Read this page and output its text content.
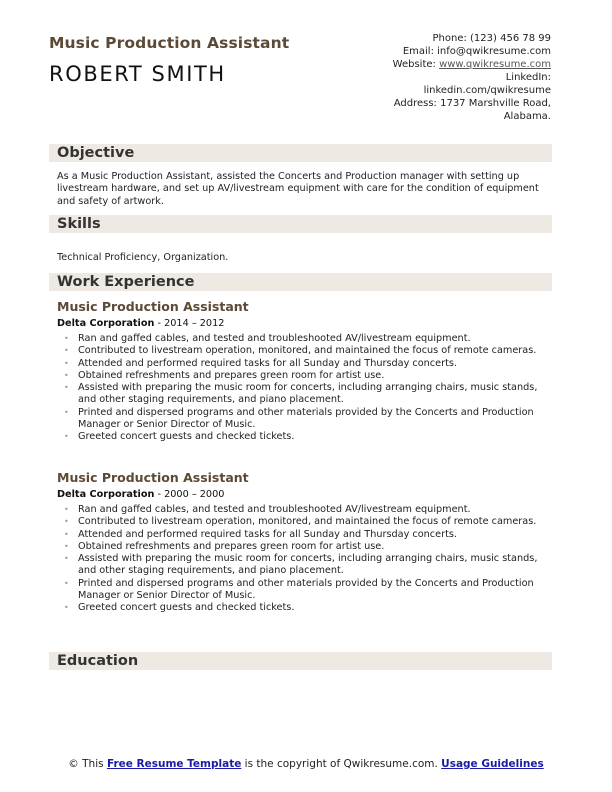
Music Production Assistant
ROBERT SMITH
Phone: (123) 456 78 99
Email: info@qwikresume.com
Website: www.qwikresume.com
LinkedIn:
linkedin.com/qwikresume
Address: 1737 Marshville Road,
Alabama.
Objective
As a Music Production Assistant, assisted the Concerts and Production manager with setting up livestream hardware, and set up AV/livestream equipment with care for the condition of equipment and safety of artwork.
Skills
Technical Proficiency, Organization.
Work Experience
Music Production Assistant
Delta Corporation - 2014 – 2012
• Ran and gaffed cables, and tested and troubleshooted AV/livestream equipment.
• Contributed to livestream operation, monitored, and maintained the focus of remote cameras.
• Attended and performed required tasks for all Sunday and Thursday concerts.
• Obtained refreshments and prepares green room for artist use.
• Assisted with preparing the music room for concerts, including arranging chairs, music stands, and other staging requirements, and piano placement.
• Printed and dispersed programs and other materials provided by the Concerts and Production Manager or Senior Director of Music.
• Greeted concert guests and checked tickets.
Music Production Assistant
Delta Corporation - 2000 – 2000
• Ran and gaffed cables, and tested and troubleshooted AV/livestream equipment.
• Contributed to livestream operation, monitored, and maintained the focus of remote cameras.
• Attended and performed required tasks for all Sunday and Thursday concerts.
• Obtained refreshments and prepares green room for artist use.
• Assisted with preparing the music room for concerts, including arranging chairs, music stands, and other staging requirements, and piano placement.
• Printed and dispersed programs and other materials provided by the Concerts and Production Manager or Senior Director of Music.
• Greeted concert guests and checked tickets.
Education
© This Free Resume Template is the copyright of Qwikresume.com. Usage Guidelines
